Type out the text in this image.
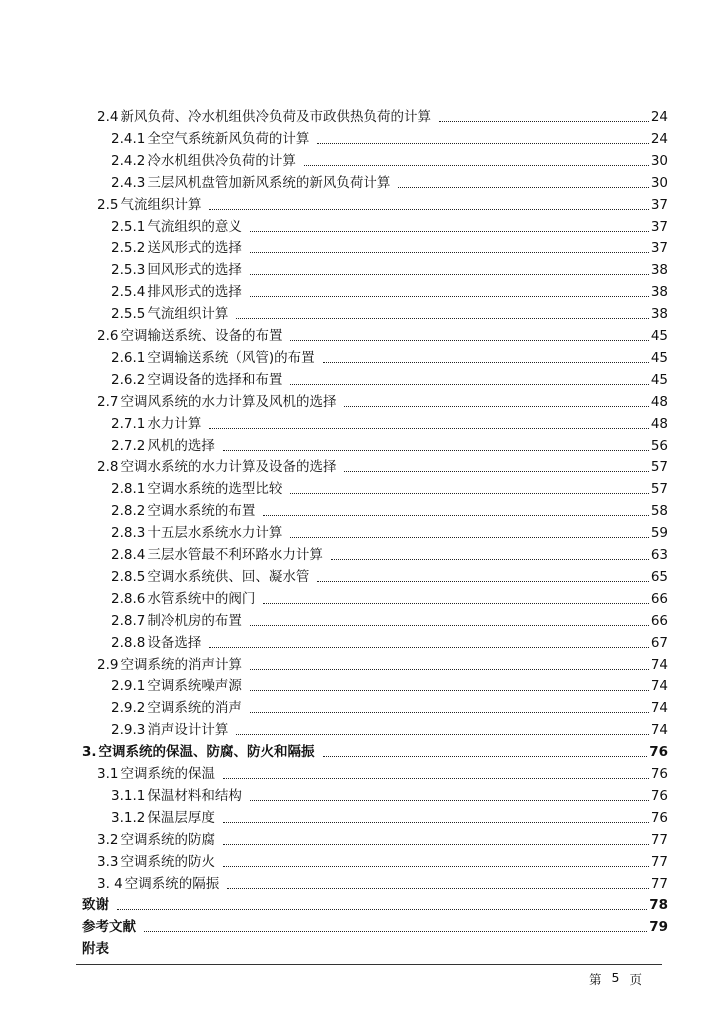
2.4 新风负荷、冷水机组供冷负荷及市政供热负荷的计算	24
2.4.1 全空气系统新风负荷的计算	24
2.4.2 冷水机组供冷负荷的计算	30
2.4.3 三层风机盘管加新风系统的新风负荷计算	30
2.5 气流组织计算	37
2.5.1 气流组织的意义	37
2.5.2 送风形式的选择	37
2.5.3 回风形式的选择	38
2.5.4 排风形式的选择	38
2.5.5 气流组织计算	38
2.6 空调输送系统、设备的布置	45
2.6.1 空调输送系统（风管)的布置	45
2.6.2 空调设备的选择和布置	45
2.7 空调风系统的水力计算及风机的选择	48
2.7.1 水力计算	48
2.7.2 风机的选择	56
2.8 空调水系统的水力计算及设备的选择	57
2.8.1 空调水系统的选型比较	57
2.8.2 空调水系统的布置	58
2.8.3 十五层水系统水力计算	59
2.8.4 三层水管最不利环路水力计算	63
2.8.5 空调水系统供、回、凝水管	65
2.8.6 水管系统中的阀门	66
2.8.7 制冷机房的布置	66
2.8.8 设备选择	67
2.9 空调系统的消声计算	74
2.9.1 空调系统噪声源	74
2.9.2 空调系统的消声	74
2.9.3 消声设计计算	74
3. 空调系统的保温、防腐、防火和隔振	76
3.1 空调系统的保温	76
3.1.1 保温材料和结构	76
3.1.2 保温层厚度	76
3.2 空调系统的防腐	77
3.3 空调系统的防火	77
3. 4 空调系统的隔振	77
致谢	78
参考文献	79
附表
第 5 页
